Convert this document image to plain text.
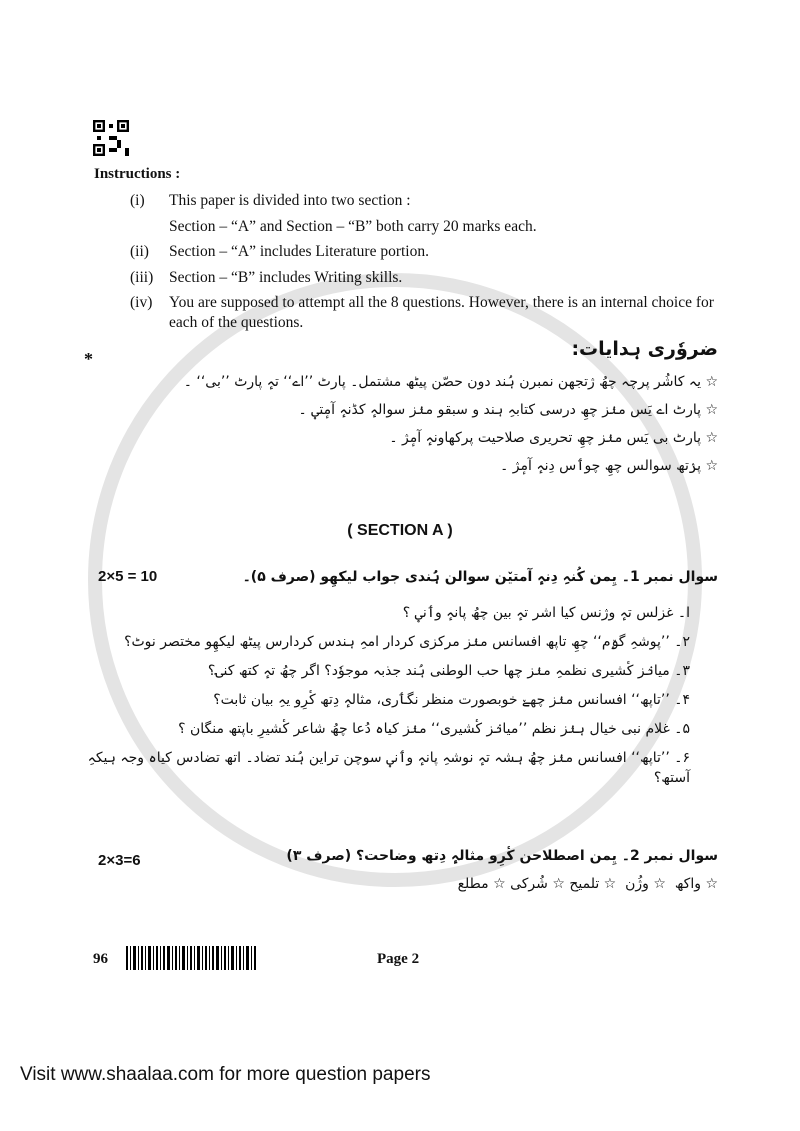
Instructions :
(i)	This paper is divided into two section :
Section – “A” and Section – “B” both carry 20 marks each.
(ii)	Section – “A” includes Literature portion.
(iii)	Section – “B” includes Writing skills.
(iv)	You are supposed to attempt all the 8 questions. However, there is an internal choice for each of the questions.
*	ضروٗری ہدایات:
☆ یہ کاشُر پرچہ چھُ ژتجھن نمبرن ہُند دون حصّن پیٹھ مشتمل۔ پارٹ ’’اے‘‘ تہٕ پارٹ ’’بی‘‘ ۔
☆ پارٹ اے یَس منٛز چھِ درسی کتابہِ ہند و سبقو منٛز سوالہٕ کڈنہٕ آمٕتؠ ۔
☆ پارٹ بی یَس منٛز چھِ تحریری صلاحیت پرکھاونہٕ آمٕژ ۔
☆ پرٛتھ سوالس چھِ چوٲس دِنہٕ آمٕژ ۔
( SECTION A )
2×5 = 10	سوال نمبر 1۔ یِمن کُنہِ دِنہٕ آمتیٚن سوالن ہُندی جواب لیکھِو (صرف ۵)۔
ا۔ غزلس تہٕ وژنس کیا اشر تہٕ بین چھُ پانہٕ وٲنؠ ؟
۲۔ ’’پوشہِ گۄٚم‘‘ چھِ تاپھ افسانس منٛز مرکزی کردار امہِ ہندس کردارس پیٹھ لیکھِو مختصر نوٹ؟
۳۔ میانٛز کٔشیری نظمہِ منٛز چھا حب الوطنی ہُند جذبہ موجوٗد؟ اگر چھُ تہٕ کتھ کنۍ؟
۴۔ ’’تاپھ‘‘ افسانس منٛز چھےٚ خوبصورت منظر نگٲری، مثالہٕ دِتھ کٔرِو یہِ بیان ثابت؟
۵۔ غلام نبی خیال ہنٛز نظم ’’میانٛز کٔشیری‘‘ منٛز کیاہ دُعا چھُ شاعر کٔشیرِ باپتھ منگان ؟
۶۔ ’’تاپھ‘‘ افسانس منٛز چھُ ہشہ تہٕ نوشہِ پانہٕ وٲنؠ سوچن تراین ہُند تضاد۔ اتھ تضادس کیاہ وجہ ہیکہِ آستھ؟
2×3=6	سوال نمبر 2۔ یِمن اصطلاحن کٔرِو مثالہٕ دِتھ وضاحت؟ (صرف ۳)
☆ واکھ  ☆ وژُن  ☆ تلمیح ☆ شُرکی ☆ مطلع
96	Page 2
Visit www.shaalaa.com for more question papers
